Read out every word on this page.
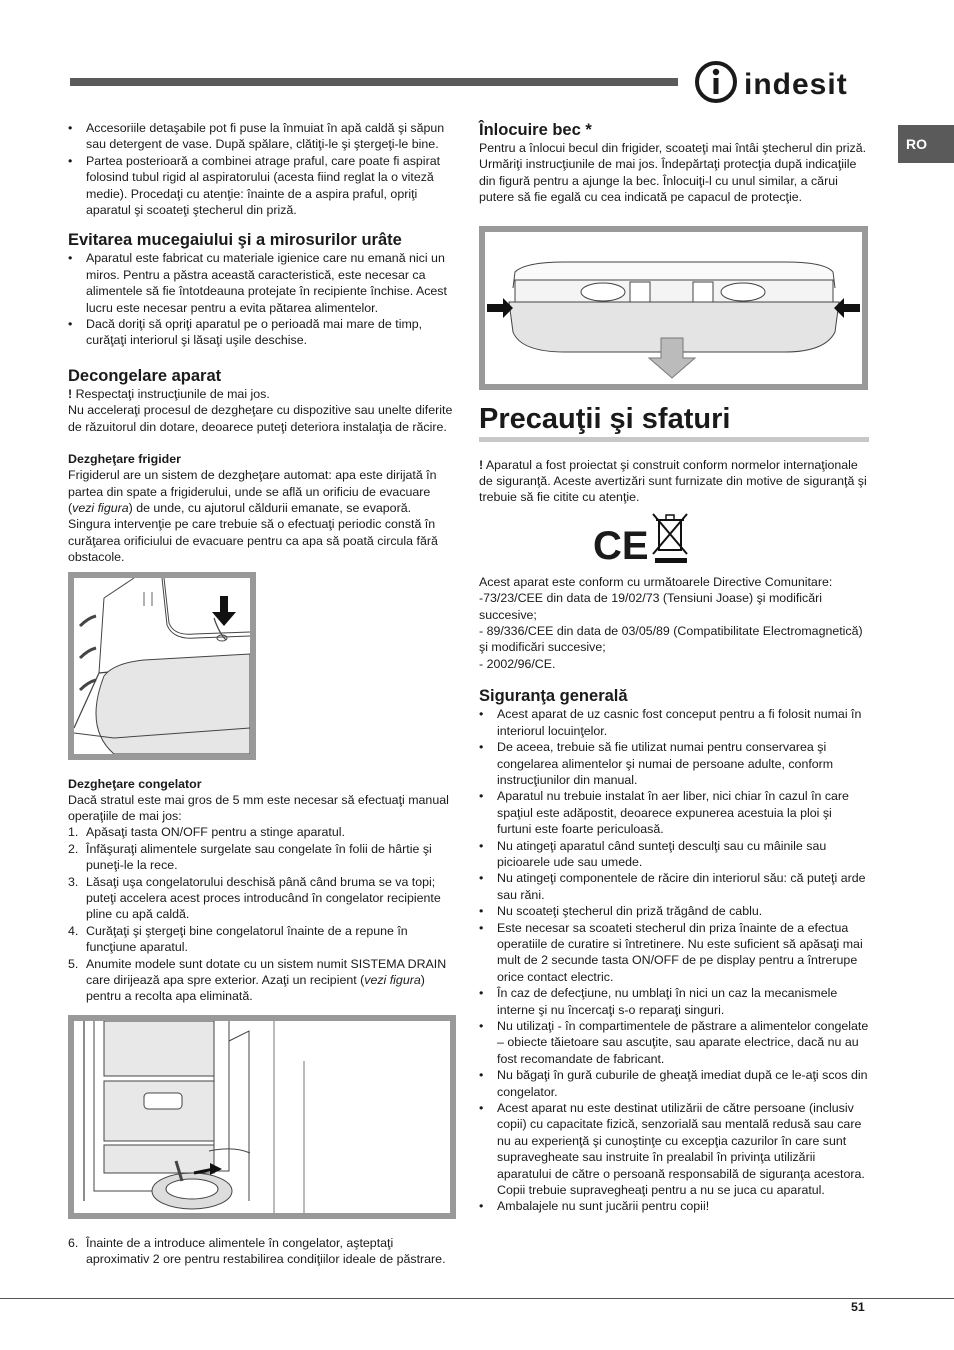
indesit
RO
• Accesoriile detaşabile pot fi puse la înmuiat în apă caldă şi săpun sau detergent de vase. După spălare, clătiţi-le şi ştergeţi-le bine.
• Partea posterioară a combinei atrage praful, care poate fi aspirat folosind tubul rigid al aspiratorului (acesta fiind reglat la o viteză medie). Procedaţi cu atenţie: înainte de a aspira praful, opriţi aparatul şi scoateţi ştecherul din priză.
Evitarea mucegaiului şi a mirosurilor urâte
• Aparatul este fabricat cu materiale igienice care nu emană nici un miros. Pentru a păstra această caracteristică, este necesar ca alimentele să fie întotdeauna protejate în recipiente închise. Acest lucru este necesar pentru a evita pătarea alimentelor.
• Dacă doriţi să opriţi aparatul pe o perioadă mai mare de timp, curăţaţi interiorul şi lăsaţi uşile deschise.
Decongelare aparat

! Respectaţi instrucţiunile de mai jos.

Nu acceleraţi procesul de dezgheţare cu dispozitive sau unelte diferite de răzuitorul din dotare, deoarece puteţi deteriora instalaţia de răcire.

Dezgheţare frigider

Frigiderul are un sistem de dezgheţare automat: apa este dirijată în partea din spate a frigiderului, unde se află un orificiu de evacuare (vezi figura) de unde, cu ajutorul căldurii emanate, se evaporă. Singura intervenţie pe care trebuie să o efectuaţi periodic constă în curăţarea orificiului de evacuare pentru ca apa să poată circula fără obstacole.

Dezgheţare congelator

Dacă stratul este mai gros de 5 mm este necesar să efectuaţi manual operaţiile de mai jos:

1. Apăsaţi tasta ON/OFF pentru a stinge aparatul.
2. Înfăşuraţi alimentele surgelate sau congelate în folii de hârtie şi puneţi-le la rece.
3. Lăsaţi uşa congelatorului deschisă până când bruma se va topi; puteţi accelera acest proces introducând în congelator recipiente pline cu apă caldă.
4. Curăţaţi şi ştergeţi bine congelatorul înainte de a repune în funcţiune aparatul.
5. Anumite modele sunt dotate cu un sistem numit SISTEMA DRAIN care dirijează apa spre exterior. Azaţi un recipient (vezi figura) pentru a recolta apa eliminată.
6. Înainte de a introduce alimentele în congelator, aşteptaţi aproximativ 2 ore pentru restabilirea condiţiilor ideale de păstrare.
Înlocuire bec *

Pentru a înlocui becul din frigider, scoateţi mai întâi ştecherul din priză. Urmăriţi instrucţiunile de mai jos. Îndepărtaţi protecţia după indicaţiile din figură pentru a ajunge la bec. Înlocuiţi-l cu unul similar, a cărui putere să fie egală cu cea indicată pe capacul de protecţie.

Precauţii şi sfaturi

! Aparatul a fost proiectat şi construit conform normelor internaţionale de siguranţă. Aceste avertizări sunt furnizate din motive de siguranţă şi trebuie să fie citite cu atenţie.

CE

Acest aparat este conform cu următoarele Directive Comunitare:

-73/23/CEE din data de 19/02/73 (Tensiuni Joase) şi modificări succesive;

- 89/336/CEE din data de 03/05/89 (Compatibilitate Electromagnetică) şi modificări succesive;

- 2002/96/CE.

Siguranţa generală
• Acest aparat de uz casnic fost conceput pentru a fi folosit numai în interiorul locuinţelor.
• De aceea, trebuie să fie utilizat numai pentru conservarea şi congelarea alimentelor şi numai de persoane adulte, conform instrucţiunilor din manual.
• Aparatul nu trebuie instalat în aer liber, nici chiar în cazul în care spaţiul este adăpostit, deoarece expunerea acestuia la ploi şi furtuni este foarte periculoasă.
• Nu atingeţi aparatul când sunteţi desculţi sau cu mâinile sau picioarele ude sau umede.
• Nu atingeţi componentele de răcire din interiorul său: că puteţi arde sau răni.
• Nu scoateţi ştecherul din priză trăgând de cablu.
• Este necesar sa scoateti stecherul din priza înainte de a efectua operatiile de curatire si întretinere. Nu este suficient să apăsaţi mai mult de 2 secunde tasta ON/OFF de pe display pentru a întrerupe orice contact electric.
• În caz de defecţiune, nu umblaţi în nici un caz la mecanismele interne şi nu încercaţi s-o reparaţi singuri.
• Nu utilizaţi - în compartimentele de păstrare a alimentelor congelate – obiecte tăietoare sau ascuţite, sau aparate electrice, dacă nu au fost recomandate de fabricant.
• Nu băgaţi în gură cuburile de gheaţă imediat după ce le-aţi scos din congelator.
• Acest aparat nu este destinat utilizării de către persoane (inclusiv copii) cu capacitate fizică, senzorială sau mentală redusă sau care nu au experienţă şi cunoştinţe cu excepţia cazurilor în care sunt supravegheate sau instruite în prealabil în privinţa utilizării aparatului de către o persoană responsabilă de siguranţa acestora. Copii trebuie supravegheaţi pentru a nu se juca cu aparatul.
• Ambalajele nu sunt jucării pentru copii!
51
